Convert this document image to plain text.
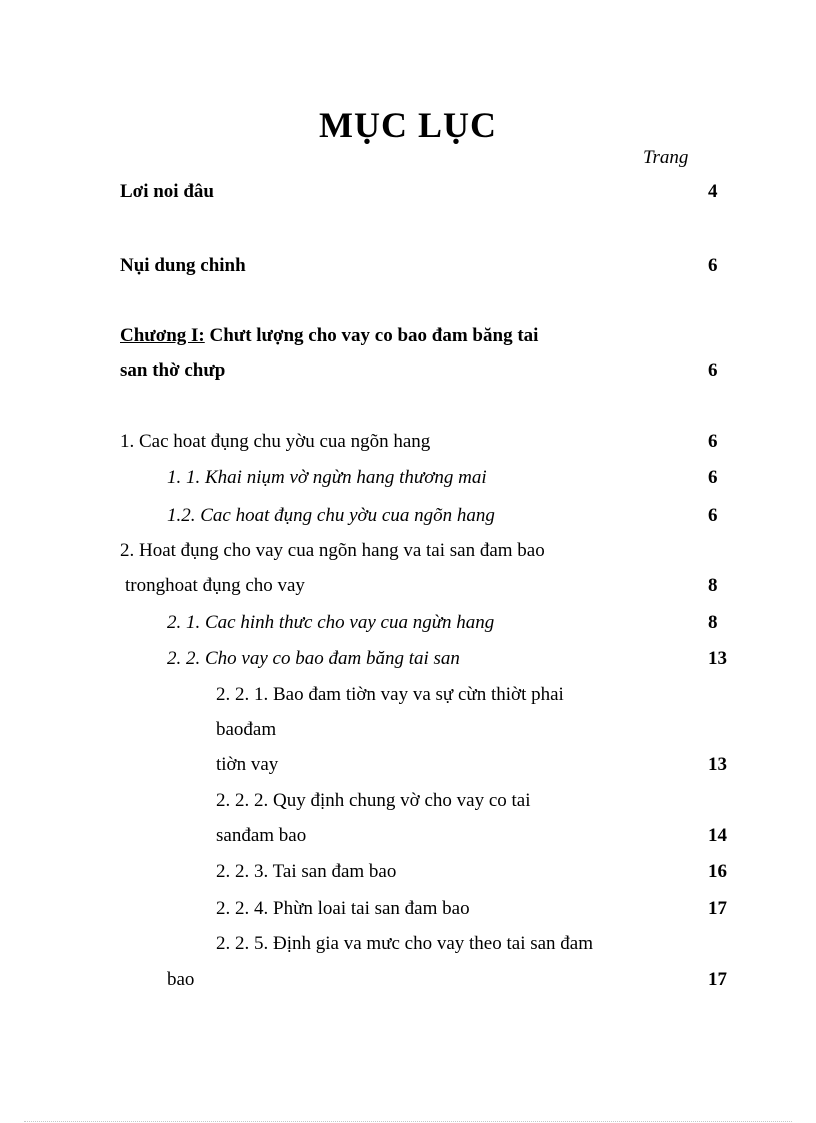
MỤC LỤC
Trang
Lơi noi đâu	4
Nụi dung chinh	6
Chương I: Chưt lượng cho vay co bao đam băng tai
san thờ chưp	6
1. Cac hoat đụng chu yờu cua ngõn hang	6
1. 1. Khai niụm vờ ngừn hang thương mai	6
1.2. Cac hoat đụng chu yờu cua ngõn hang	6
2. Hoat đụng cho vay cua ngõn hang va tai san đam bao
tronghoat đụng cho vay	8
2. 1. Cac hinh thưc cho vay cua ngừn hang	8
2. 2. Cho vay co bao đam băng tai san	13
2. 2. 1. Bao đam tiờn vay va sự cừn thiờt phai
baođam
tiờn vay	13
2. 2. 2. Quy định chung vờ cho vay co tai
sanđam bao	14
2. 2. 3. Tai san đam bao	16
2. 2. 4. Phừn loai tai san đam bao	17
2. 2. 5. Định gia va mưc cho vay theo tai san đam
bao	17
